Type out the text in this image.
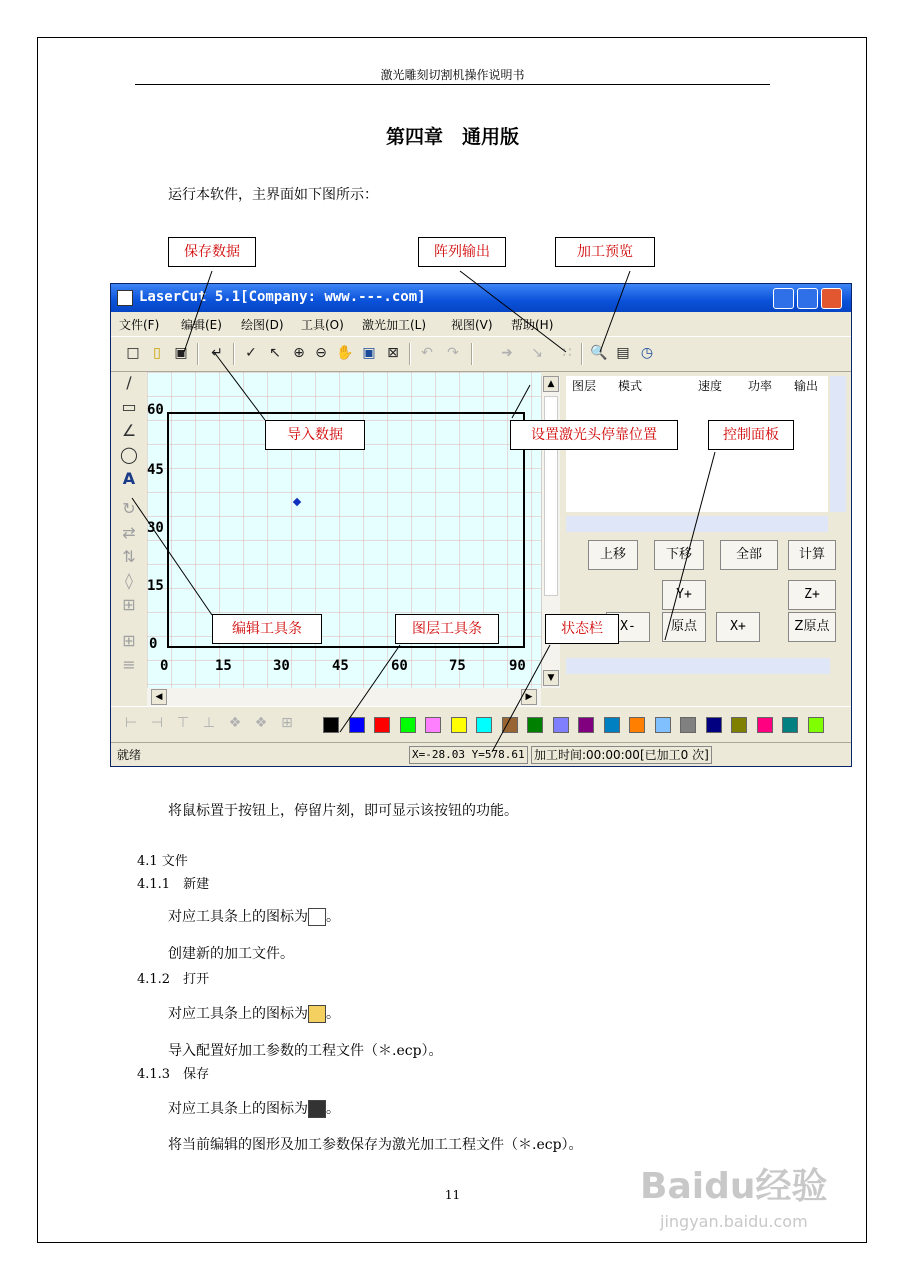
激光雕刻切割机操作说明书
第四章　通用版
运行本软件，主界面如下图所示：
LaserCut 5.1[Company: www.---.com]
文件(F) 编辑(E) 绘图(D) 工具(O) 激光加工(L) 视图(V) 帮助(H)
□ ▯ ▣ ↵ ✓ ↖ ⊕ ⊖ ✋ ▣ ⊠ ↶ ↷	➜ ↘	∷	🔍 ▤ ◷
∕
▭
∠
◯
A
↻
⇄
⇅
◊
⊞
⊞
≡
60
45
30
15
0
0	15	30	45	60	75	90
▲
▼
◀	▶
图层 模式	速度 功率 输出
上移	下移	全部	计算
Y+	Z+
X-	原点	X+	Z原点
⊢ ⊣ ⊤ ⊥ ❖ ❖ ⊞
就绪	X=-28.03 Y=578.61 加工时间:00:00:00[已加工0 次]
保存数据	阵列输出	加工预览
导入数据	设置激光头停靠位置	控制面板
编辑工具条	图层工具条	状态栏
将鼠标置于按钮上，停留片刻，即可显示该按钮的功能。
4.1 文件
4.1.1　新建
对应工具条上的图标为 。
创建新的加工文件。
4.1.2　打开
对应工具条上的图标为 。
导入配置好加工参数的工程文件（＊.ecp）。
4.1.3　保存
对应工具条上的图标为 。
将当前编辑的图形及加工参数保存为激光加工工程文件（＊.ecp）。
11	Baidu经验
jingyan.baidu.com
